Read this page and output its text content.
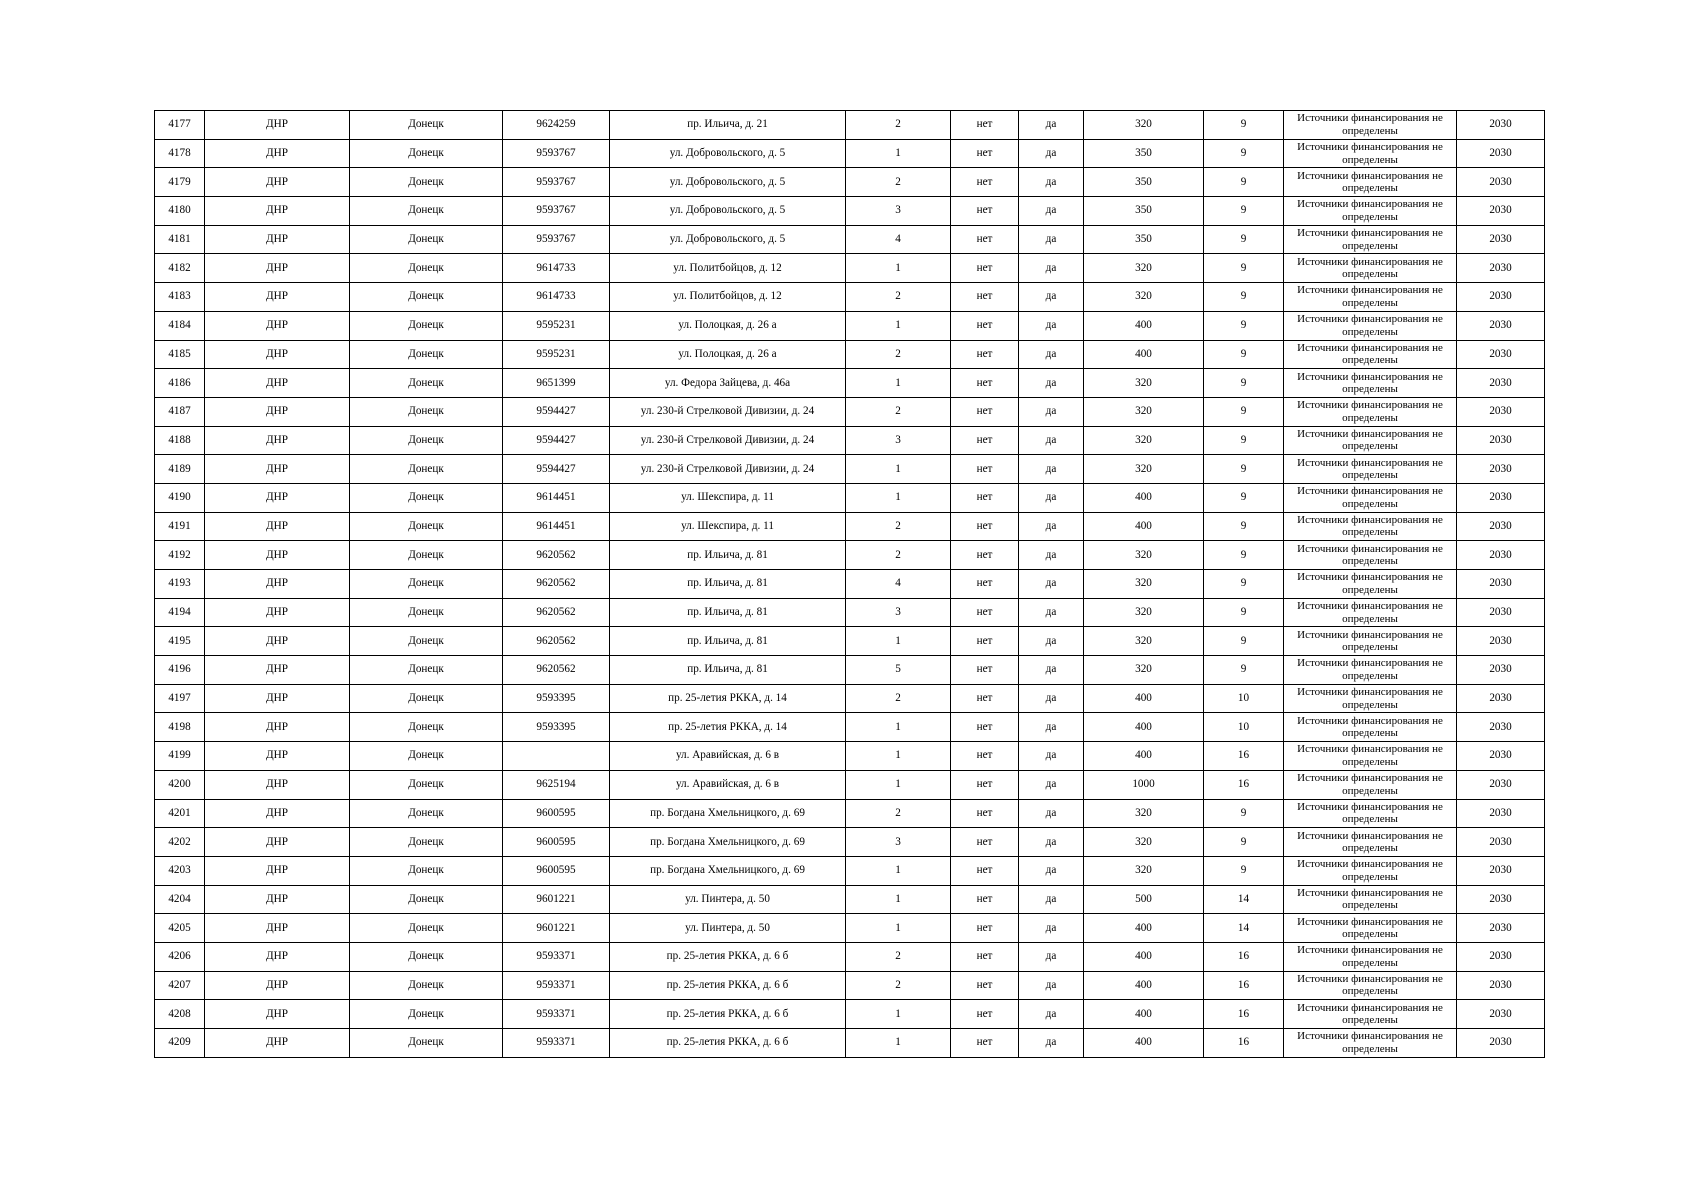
4177	ДНР	Донецк	9624259	пр. Ильича, д. 21	2	нет	да	320	9	Источники финансирования не определены	2030
4178	ДНР	Донецк	9593767	ул. Добровольского, д. 5	1	нет	да	350	9	Источники финансирования не определены	2030
4179	ДНР	Донецк	9593767	ул. Добровольского, д. 5	2	нет	да	350	9	Источники финансирования не определены	2030
4180	ДНР	Донецк	9593767	ул. Добровольского, д. 5	3	нет	да	350	9	Источники финансирования не определены	2030
4181	ДНР	Донецк	9593767	ул. Добровольского, д. 5	4	нет	да	350	9	Источники финансирования не определены	2030
4182	ДНР	Донецк	9614733	ул. Политбойцов, д. 12	1	нет	да	320	9	Источники финансирования не определены	2030
4183	ДНР	Донецк	9614733	ул. Политбойцов, д. 12	2	нет	да	320	9	Источники финансирования не определены	2030
4184	ДНР	Донецк	9595231	ул. Полоцкая, д. 26 а	1	нет	да	400	9	Источники финансирования не определены	2030
4185	ДНР	Донецк	9595231	ул. Полоцкая, д. 26 а	2	нет	да	400	9	Источники финансирования не определены	2030
4186	ДНР	Донецк	9651399	ул. Федора Зайцева, д. 46а	1	нет	да	320	9	Источники финансирования не определены	2030
4187	ДНР	Донецк	9594427	ул. 230-й Стрелковой Дивизии, д. 24	2	нет	да	320	9	Источники финансирования не определены	2030
4188	ДНР	Донецк	9594427	ул. 230-й Стрелковой Дивизии, д. 24	3	нет	да	320	9	Источники финансирования не определены	2030
4189	ДНР	Донецк	9594427	ул. 230-й Стрелковой Дивизии, д. 24	1	нет	да	320	9	Источники финансирования не определены	2030
4190	ДНР	Донецк	9614451	ул. Шекспира, д. 11	1	нет	да	400	9	Источники финансирования не определены	2030
4191	ДНР	Донецк	9614451	ул. Шекспира, д. 11	2	нет	да	400	9	Источники финансирования не определены	2030
4192	ДНР	Донецк	9620562	пр. Ильича, д. 81	2	нет	да	320	9	Источники финансирования не определены	2030
4193	ДНР	Донецк	9620562	пр. Ильича, д. 81	4	нет	да	320	9	Источники финансирования не определены	2030
4194	ДНР	Донецк	9620562	пр. Ильича, д. 81	3	нет	да	320	9	Источники финансирования не определены	2030
4195	ДНР	Донецк	9620562	пр. Ильича, д. 81	1	нет	да	320	9	Источники финансирования не определены	2030
4196	ДНР	Донецк	9620562	пр. Ильича, д. 81	5	нет	да	320	9	Источники финансирования не определены	2030
4197	ДНР	Донецк	9593395	пр. 25-летия РККА, д. 14	2	нет	да	400	10	Источники финансирования не определены	2030
4198	ДНР	Донецк	9593395	пр. 25-летия РККА, д. 14	1	нет	да	400	10	Источники финансирования не определены	2030
4199	ДНР	Донецк		ул. Аравийская, д. 6 в	1	нет	да	400	16	Источники финансирования не определены	2030
4200	ДНР	Донецк	9625194	ул. Аравийская, д. 6 в	1	нет	да	1000	16	Источники финансирования не определены	2030
4201	ДНР	Донецк	9600595	пр. Богдана Хмельницкого, д. 69	2	нет	да	320	9	Источники финансирования не определены	2030
4202	ДНР	Донецк	9600595	пр. Богдана Хмельницкого, д. 69	3	нет	да	320	9	Источники финансирования не определены	2030
4203	ДНР	Донецк	9600595	пр. Богдана Хмельницкого, д. 69	1	нет	да	320	9	Источники финансирования не определены	2030
4204	ДНР	Донецк	9601221	ул. Пинтера, д. 50	1	нет	да	500	14	Источники финансирования не определены	2030
4205	ДНР	Донецк	9601221	ул. Пинтера, д. 50	1	нет	да	400	14	Источники финансирования не определены	2030
4206	ДНР	Донецк	9593371	пр. 25-летия РККА, д. 6 б	2	нет	да	400	16	Источники финансирования не определены	2030
4207	ДНР	Донецк	9593371	пр. 25-летия РККА, д. 6 б	2	нет	да	400	16	Источники финансирования не определены	2030
4208	ДНР	Донецк	9593371	пр. 25-летия РККА, д. 6 б	1	нет	да	400	16	Источники финансирования не определены	2030
4209	ДНР	Донецк	9593371	пр. 25-летия РККА, д. 6 б	1	нет	да	400	16	Источники финансирования не определены	2030
